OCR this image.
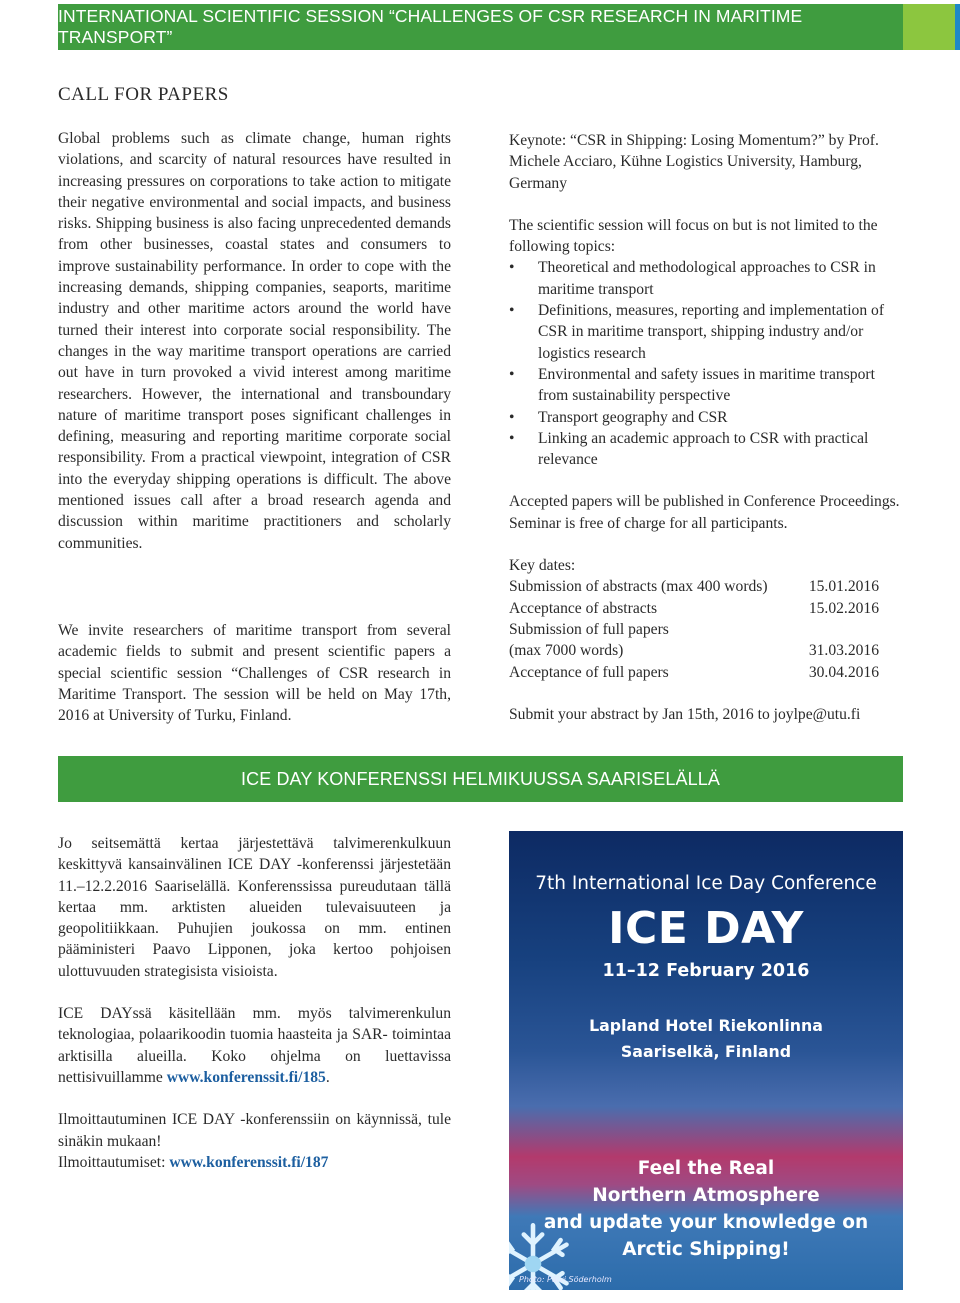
INTERNATIONAL SCIENTIFIC SESSION “CHALLENGES OF CSR RESEARCH IN MARITIME TRANSPORT”
CALL FOR PAPERS

Global problems such as climate change, human rights violations, and scarcity of natural resources have resulted in increasing pressures on corporations to take action to mitigate their negative environmental and social impacts, and business risks. Shipping business is also facing unprecedented demands from other businesses, coastal states and consumers to improve sustainability performance. In order to cope with the increasing demands, shipping companies, seaports, maritime industry and other maritime actors around the world have turned their interest into corporate social responsibility. The changes in the way maritime transport operations are carried out have in turn provoked a vivid interest among maritime researchers. However, the international and transboundary nature of maritime transport poses significant challenges in defining, measuring and reporting maritime corporate social responsibility. From a practical viewpoint, integration of CSR into the everyday shipping operations is difficult. The above mentioned issues call after a broad research agenda and discussion within maritime practitioners and scholarly communities.

We invite researchers of maritime transport from several academic fields to submit and present scientific papers a special scientific session “Challenges of CSR research in Maritime Transport. The session will be held on May 17th, 2016 at University of Turku, Finland.

Keynote: “CSR in Shipping: Losing Momentum?” by Prof. Michele Acciaro, Kühne Logistics University, Hamburg, Germany

The scientific session will focus on but is not limited to the following topics:

• Theoretical and methodological approaches to CSR in maritime transport
• Definitions, measures, reporting and implementation of CSR in maritime transport, shipping industry and/or logistics research
• Environmental and safety issues in maritime transport from sustainability perspective
• Transport geography and CSR
• Linking an academic approach to CSR with practical relevance

Accepted papers will be published in Conference Proceedings. Seminar is free of charge for all participants.

Key dates:

Submission of abstracts (max 400 words)	15.01.2016
Acceptance of abstracts	15.02.2016
Submission of full papers
(max 7000 words)	31.03.2016
Acceptance of full papers	30.04.2016

Submit your abstract by Jan 15th, 2016 to joylpe@utu.fi

ICE DAY KONFERENSSI HELMIKUUSSA SAARISELÄLLÄ

Jo seitsemättä kertaa järjestettävä talvimerenkulkuun keskittyvä kansainvälinen ICE DAY -konferenssi järjestetään 11.–12.2.2016 Saariselällä. Konferenssissa pureudutaan tällä kertaa mm. arktisten alueiden tulevaisuuteen ja geopolitiikkaan. Puhujien joukossa on mm. entinen pääministeri Paavo Lipponen, joka kertoo pohjoisen ulottuvuuden strategisista visioista.

ICE DAYssä käsitellään mm. myös talvimerenkulun teknologiaa, polaarikoodin tuomia haasteita ja SAR- toimintaa arktisilla alueilla. Koko ohjelma on luettavissa nettisivuillamme www.konferenssit.fi/185.

Ilmoittautuminen ICE DAY -konferenssiin on käynnissä, tule sinäkin mukaan!
Ilmoittautumiset: www.konferenssit.fi/187

7th International Ice Day Conference
ICE DAY
11–12 February 2016
Lapland Hotel Riekonlinna
Saariselkä, Finland
Feel the Real
Northern Atmosphere
and update your knowledge on
Arctic Shipping!
Photo: Päivi Söderholm
